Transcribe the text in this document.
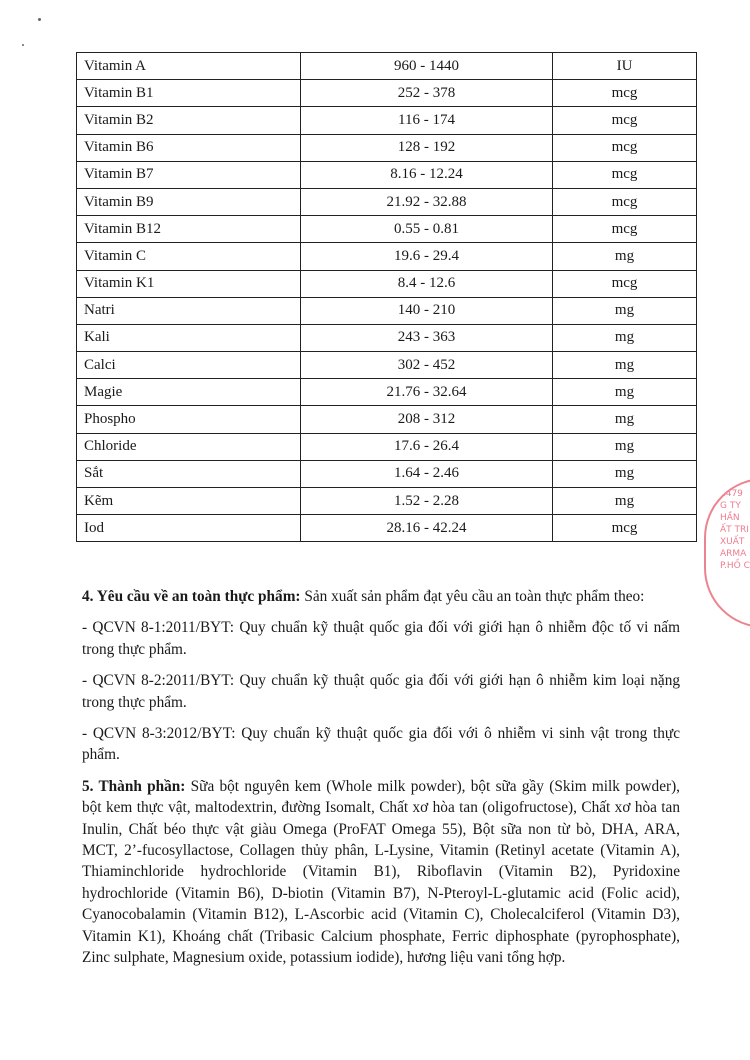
Vitamin A	960 - 1440	IU
Vitamin B1	252 - 378	mcg
Vitamin B2	116 - 174	mcg
Vitamin B6	128 - 192	mcg
Vitamin B7	8.16 - 12.24	mcg
Vitamin B9	21.92 - 32.88	mcg
Vitamin B12	0.55 - 0.81	mcg
Vitamin C	19.6 - 29.4	mg
Vitamin K1	8.4 - 12.6	mcg
Natri	140 - 210	mg
Kali	243 - 363	mg
Calci	302 - 452	mg
Magie	21.76 - 32.64	mg
Phospho	208 - 312	mg
Chloride	17.6 - 26.4	mg
Sắt	1.64 - 2.46	mg
Kẽm	1.52 - 2.28	mg
Iod	28.16 - 42.24	mcg

4. Yêu cầu về an toàn thực phẩm: Sản xuất sản phẩm đạt yêu cầu an toàn thực phẩm theo:

- QCVN 8-1:2011/BYT: Quy chuẩn kỹ thuật quốc gia đối với giới hạn ô nhiễm độc tố vi nấm trong thực phẩm.

- QCVN 8-2:2011/BYT: Quy chuẩn kỹ thuật quốc gia đối với giới hạn ô nhiễm kim loại nặng trong thực phẩm.

- QCVN 8-3:2012/BYT: Quy chuẩn kỹ thuật quốc gia đối với ô nhiễm vi sinh vật trong thực phẩm.

5. Thành phần: Sữa bột nguyên kem (Whole milk powder), bột sữa gầy (Skim milk powder), bột kem thực vật, maltodextrin, đường Isomalt, Chất xơ hòa tan (oligofructose), Chất xơ hòa tan Inulin, Chất béo thực vật giàu Omega (ProFAT Omega 55), Bột sữa non từ bò, DHA, ARA, MCT, 2’-fucosyllactose, Collagen thủy phân, L-Lysine, Vitamin (Retinyl acetate (Vitamin A), Thiaminchloride hydrochloride (Vitamin B1), Riboflavin (Vitamin B2), Pyridoxine hydrochloride (Vitamin B6), D-biotin (Vitamin B7), N-Pteroyl-L-glutamic acid (Folic acid), Cyanocobalamin (Vitamin B12), L-Ascorbic acid (Vitamin C), Cholecalciferol (Vitamin D3), Vitamin K1), Khoáng chất (Tribasic Calcium phosphate, Ferric diphosphate (pyrophosphate), Zinc sulphate, Magnesium oxide, potassium iodide), hương liệu vani tổng hợp.

1479
G TY
HẦN
ẤT TRI
XUẤT
ARMA
P.HỒ C
